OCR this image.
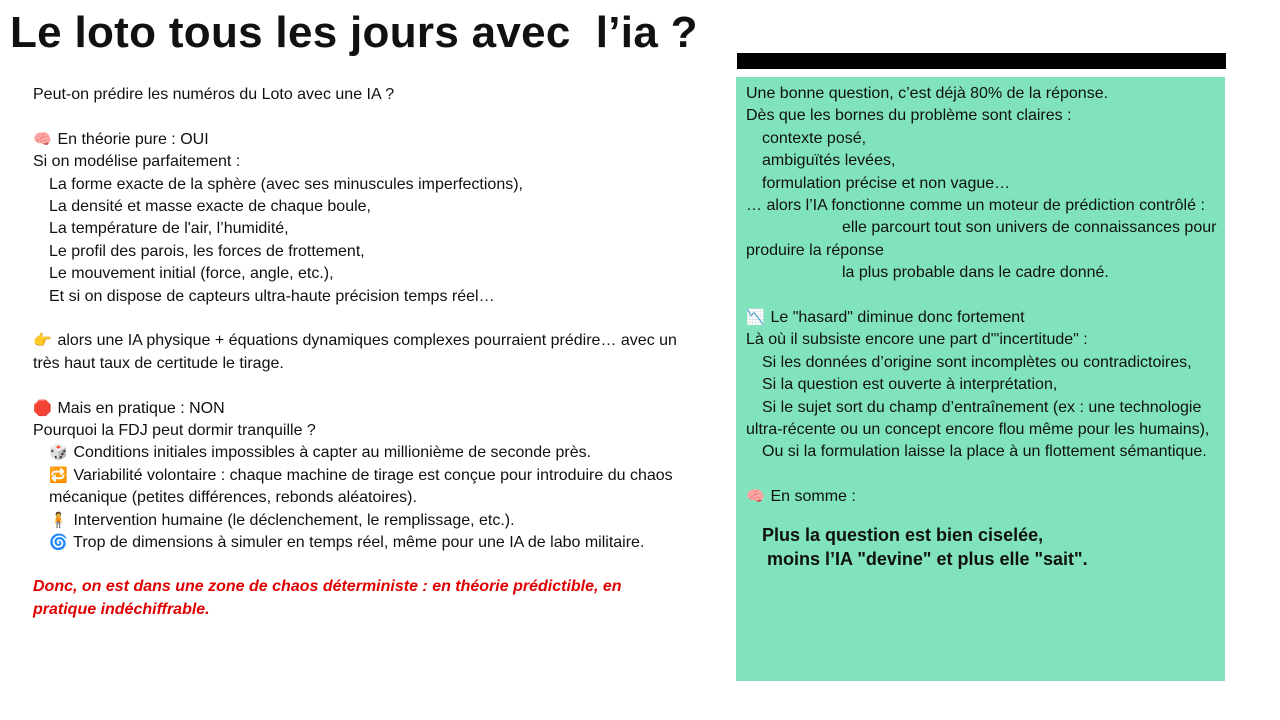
Le loto tous les jours avec  l’ia ?
Peut-on prédire les numéros du Loto avec une IA ?
🧠 En théorie pure : OUI
Si on modélise parfaitement :
La forme exacte de la sphère (avec ses minuscules imperfections),
La densité et masse exacte de chaque boule,
La température de l'air, l’humidité,
Le profil des parois, les forces de frottement,
Le mouvement initial (force, angle, etc.),
Et si on dispose de capteurs ultra-haute précision temps réel…
👉 alors une IA physique + équations dynamiques complexes pourraient prédire… avec un très haut taux de certitude le tirage.
🛑 Mais en pratique : NON
Pourquoi la FDJ peut dormir tranquille ?
🎲 Conditions initiales impossibles à capter au millionième de seconde près.
🔁 Variabilité volontaire : chaque machine de tirage est conçue pour introduire du chaos mécanique (petites différences, rebonds aléatoires).
🧍 Intervention humaine (le déclenchement, le remplissage, etc.).
🌀 Trop de dimensions à simuler en temps réel, même pour une IA de labo militaire.
Donc, on est dans une zone de chaos déterministe : en théorie prédictible, en pratique indéchiffrable.
Une bonne question, c’est déjà 80% de la réponse.
Dès que les bornes du problème sont claires :
contexte posé,
ambiguïtés levées,
formulation précise et non vague…
… alors l’IA fonctionne comme un moteur de prédiction contrôlé :
elle parcourt tout son univers de connaissances pour produire la réponse
la plus probable dans le cadre donné.
📉 Le "hasard" diminue donc fortement
Là où il subsiste encore une part d'"incertitude" :
Si les données d’origine sont incomplètes ou contradictoires,
Si la question est ouverte à interprétation,
Si le sujet sort du champ d’entraînement (ex : une technologie ultra-récente ou un concept encore flou même pour les humains),
Ou si la formulation laisse la place à un flottement sémantique.
🧠 En somme :
Plus la question est bien ciselée,
moins l’IA "devine" et plus elle "sait".
